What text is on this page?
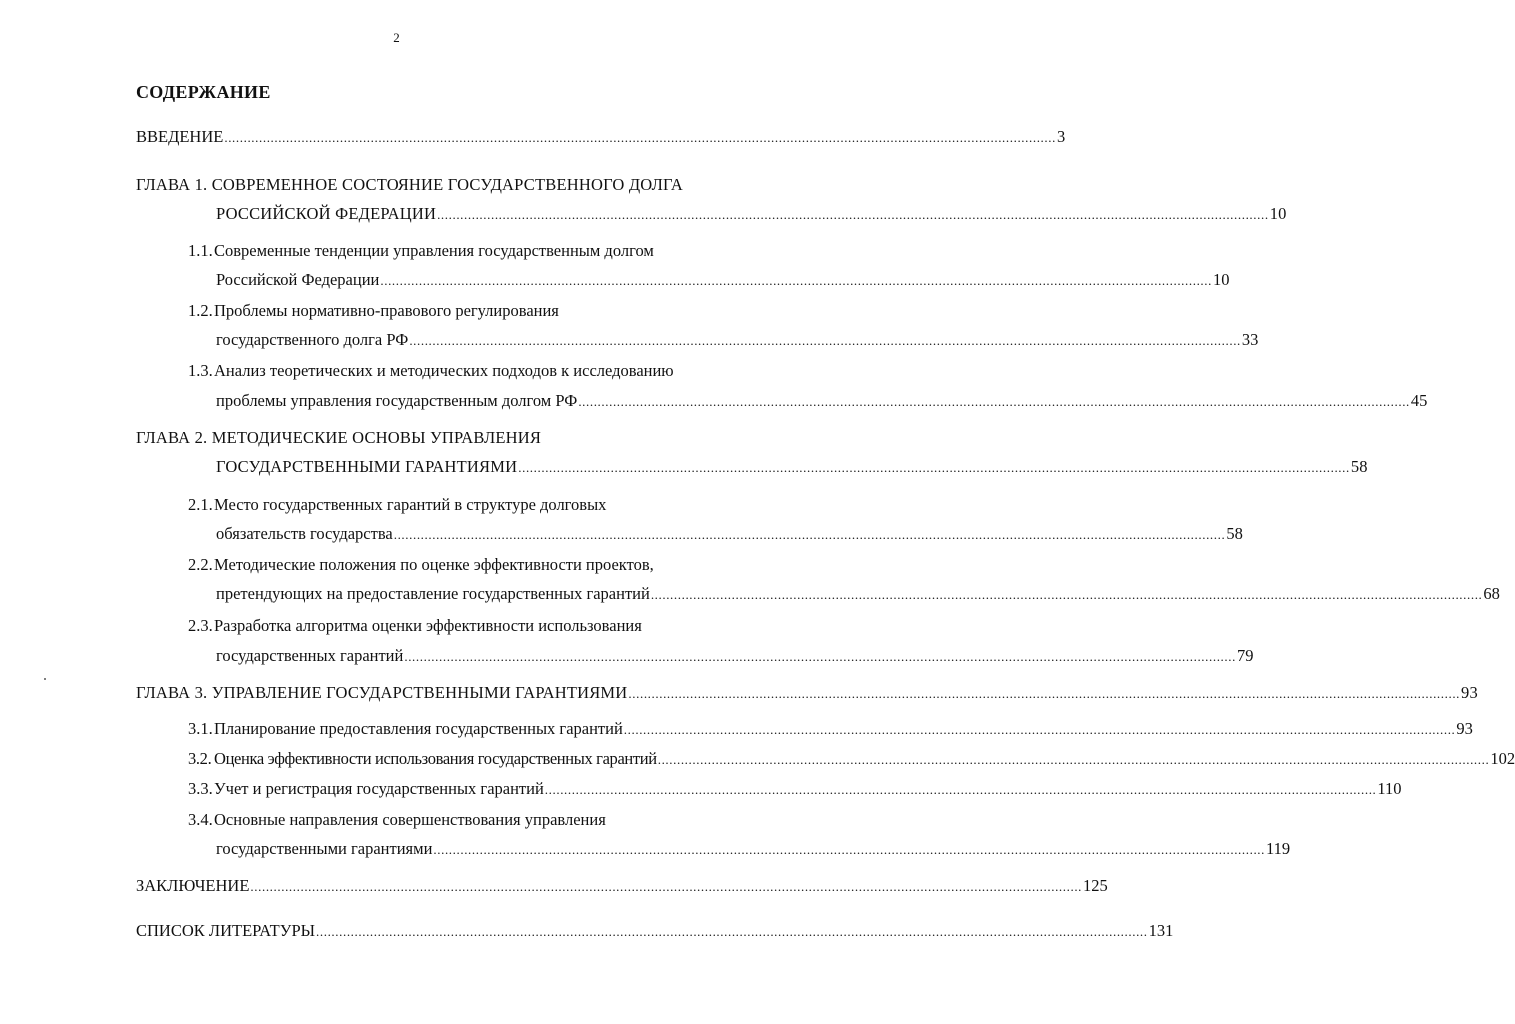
2
СОДЕРЖАНИЕ
ВВЕДЕНИЕ ........................................................................................................................................................................................................................ 3
ГЛАВА 1. СОВРЕМЕННОЕ СОСТОЯНИЕ ГОСУДАРСТВЕННОГО ДОЛГА
РОССИЙСКОЙ ФЕДЕРАЦИИ ........................................................................................................................................................................................................................ 10
1.1.Современные тенденции управления государственным долгом
Российской Федерации ........................................................................................................................................................................................................................ 10
1.2.Проблемы нормативно-правового регулирования
государственного долга РФ ........................................................................................................................................................................................................................ 33
1.3.Анализ теоретических и методических подходов к исследованию
проблемы управления государственным долгом РФ ........................................................................................................................................................................................................................ 45
ГЛАВА 2. МЕТОДИЧЕСКИЕ ОСНОВЫ УПРАВЛЕНИЯ
ГОСУДАРСТВЕННЫМИ ГАРАНТИЯМИ ........................................................................................................................................................................................................................ 58
2.1.Место государственных гарантий в структуре долговых
обязательств государства ........................................................................................................................................................................................................................ 58
2.2.Методические положения по оценке эффективности проектов,
претендующих на предоставление государственных гарантий ........................................................................................................................................................................................................................ 68
2.3.Разработка алгоритма оценки эффективности использования
государственных гарантий ........................................................................................................................................................................................................................ 79
ГЛАВА 3. УПРАВЛЕНИЕ ГОСУДАРСТВЕННЫМИ ГАРАНТИЯМИ ........................................................................................................................................................................................................................ 93
3.1.Планирование предоставления государственных гарантий ........................................................................................................................................................................................................................ 93
3.2. Оценка эффективности использования государственных гарантий ........................................................................................................................................................................................................................ 102
3.3.Учет и регистрация государственных гарантий ........................................................................................................................................................................................................................ 110
3.4.Основные направления совершенствования управления
государственными гарантиями ........................................................................................................................................................................................................................ 119
ЗАКЛЮЧЕНИЕ ........................................................................................................................................................................................................................ 125
СПИСОК ЛИТЕРАТУРЫ ........................................................................................................................................................................................................................ 131
